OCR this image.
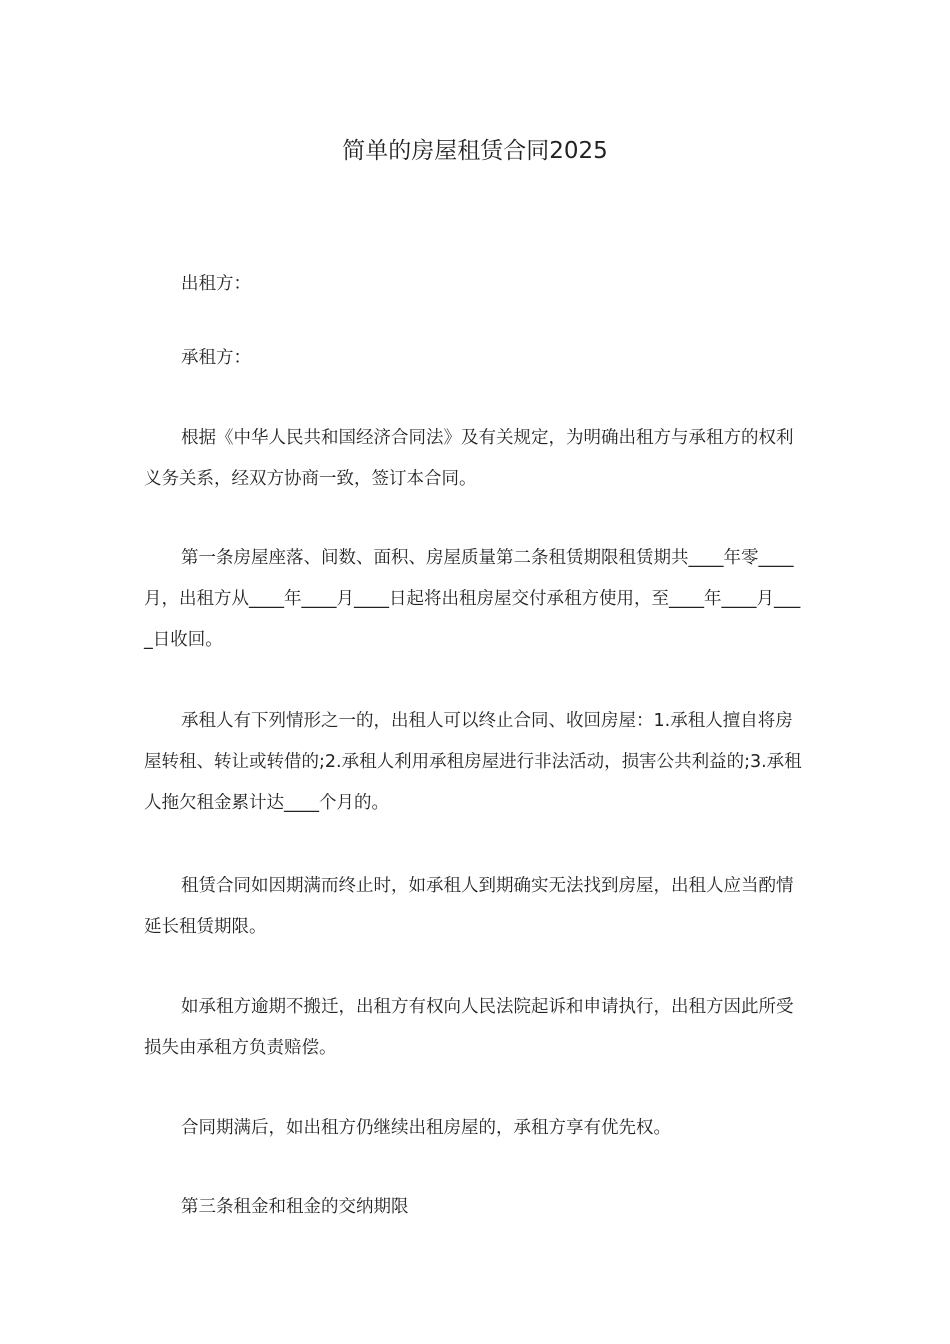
简单的房屋租赁合同2025

出租方：

承租方：

根据《中华人民共和国经济合同法》及有关规定，为明确出租方与承租方的权利义务关系，经双方协商一致，签订本合同。

第一条房屋座落、间数、面积、房屋质量第二条租赁期限租赁期共____年零____月，出租方从____年____月____日起将出租房屋交付承租方使用，至____年____月____日收回。

承租人有下列情形之一的，出租人可以终止合同、收回房屋：1.承租人擅自将房屋转租、转让或转借的;2.承租人利用承租房屋进行非法活动，损害公共利益的;3.承租人拖欠租金累计达____个月的。

租赁合同如因期满而终止时，如承租人到期确实无法找到房屋，出租人应当酌情延长租赁期限。

如承租方逾期不搬迁，出租方有权向人民法院起诉和申请执行，出租方因此所受损失由承租方负责赔偿。

合同期满后，如出租方仍继续出租房屋的，承租方享有优先权。

第三条租金和租金的交纳期限
